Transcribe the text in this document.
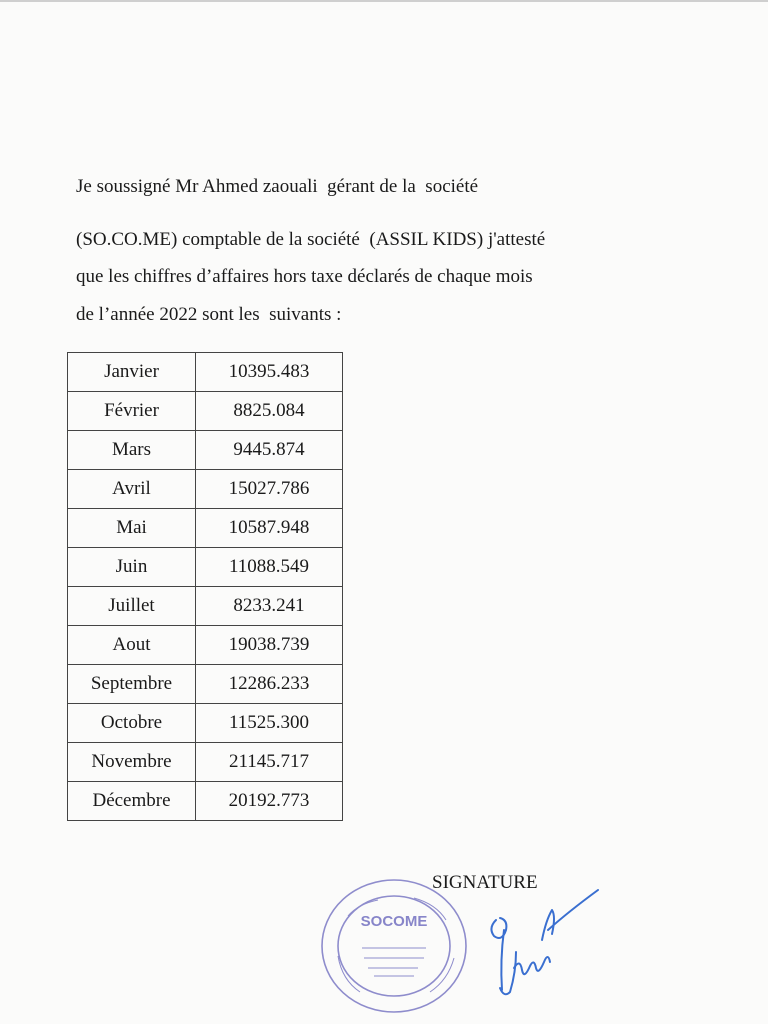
Je soussigné Mr Ahmed zaouali  gérant de la  société
(SO.CO.ME) comptable de la société  (ASSIL KIDS) j'attesté
que les chiffres d’affaires hors taxe déclarés de chaque mois
de l’année 2022 sont les  suivants :
Janvier	10395.483
Février	8825.084
Mars	9445.874
Avril	15027.786
Mai	10587.948
Juin	11088.549
Juillet	8233.241
Aout	19038.739
Septembre	12286.233
Octobre	11525.300
Novembre	21145.717
Décembre	20192.773
SIGNATURE
SOCOME
